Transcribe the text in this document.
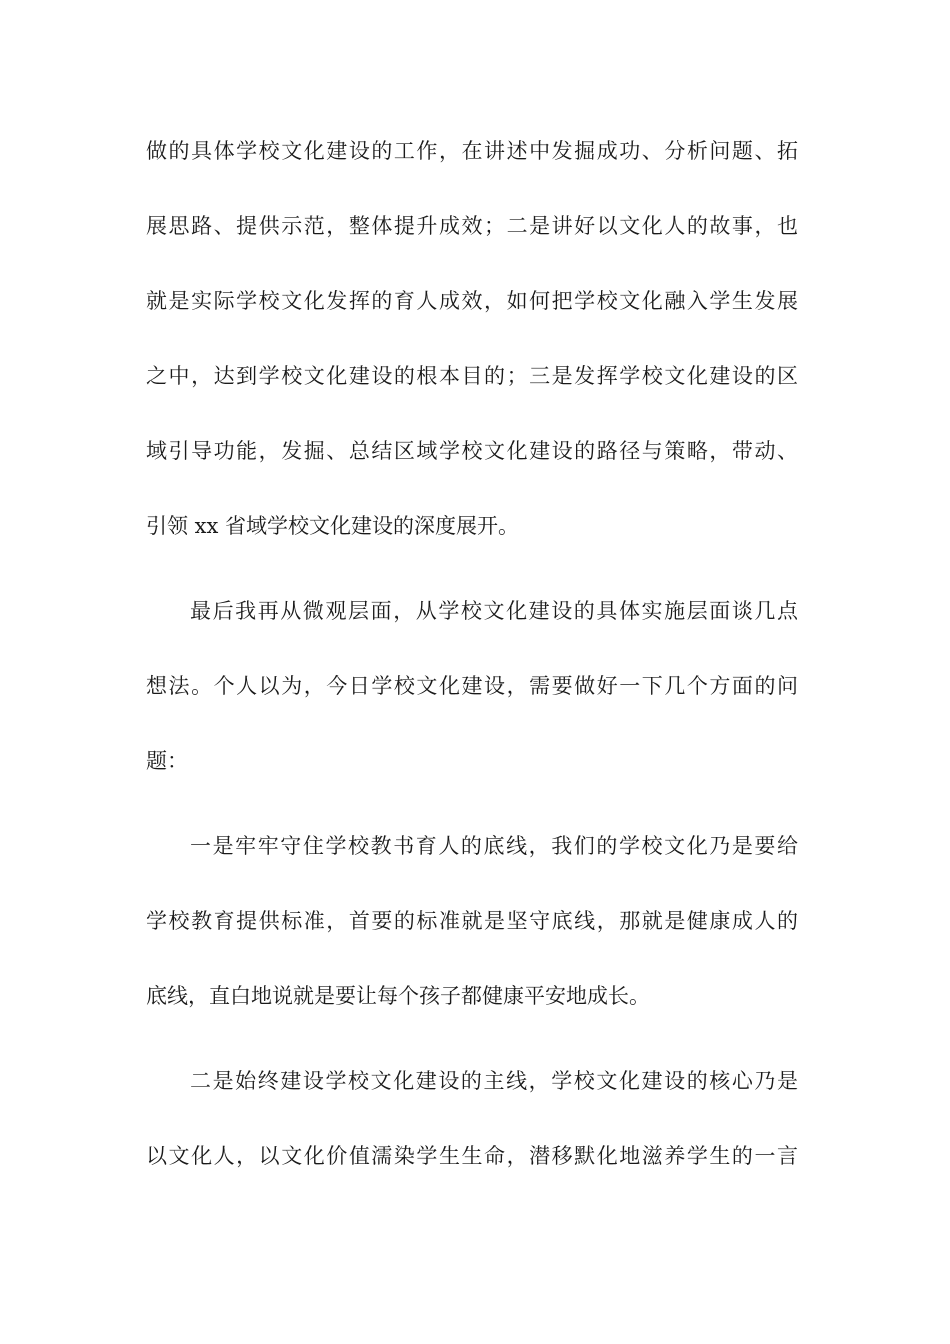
做的具体学校文化建设的工作，在讲述中发掘成功、分析问题、拓
展思路、提供示范，整体提升成效；二是讲好以文化人的故事，也
就是实际学校文化发挥的育人成效，如何把学校文化融入学生发展
之中，达到学校文化建设的根本目的；三是发挥学校文化建设的区
域引导功能，发掘、总结区域学校文化建设的路径与策略，带动、
引领 xx 省域学校文化建设的深度展开。
最后我再从微观层面，从学校文化建设的具体实施层面谈几点
想法。个人以为，今日学校文化建设，需要做好一下几个方面的问
题：
一是牢牢守住学校教书育人的底线，我们的学校文化乃是要给
学校教育提供标准，首要的标准就是坚守底线，那就是健康成人的
底线，直白地说就是要让每个孩子都健康平安地成长。
二是始终建设学校文化建设的主线，学校文化建设的核心乃是
以文化人，以文化价值濡染学生生命，潜移默化地滋养学生的一言
